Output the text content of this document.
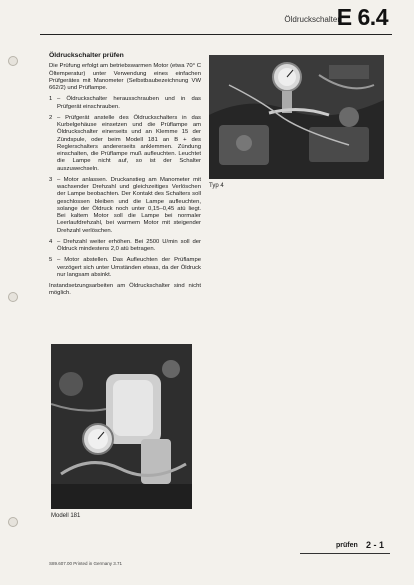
Öldruckschalter
E 6.4
Öldruckschalter prüfen

Die Prüfung erfolgt am betriebswarmen Motor (etwa 70° C Öltemperatur) unter Verwendung eines einfachen Prüfgerätes mit Manometer (Selbstbaubezeichnung VW 662/2) und Prüflampe.

1 – Öldruckschalter herausschrauben und in das Prüfgerät einschrauben.
2 – Prüfgerät anstelle des Öldruckschalters in das Kurbelgehäuse einsetzen und die Prüflampe am Öldruckschalter einerseits und an Klemme 15 der Zündspule, oder beim Modell 181 an B + des Reglerschalters andererseits anklemmen. Zündung einschalten, die Prüflampe muß aufleuchten. Leuchtet die Lampe nicht auf, so ist der Schalter auszuwechseln.
3 – Motor anlassen. Druckanstieg am Manometer mit wachsender Drehzahl und gleichzeitiges Verlöschen der Lampe beobachten. Der Kontakt des Schalters soll geschlossen bleiben und die Lampe aufleuchten, solange der Öldruck noch unter 0,15–0,45 atü liegt. Bei kaltem Motor soll die Lampe bei normaler Leerlaufdrehzahl, bei warmem Motor mit steigender Drehzahl verlöschen.
4 – Drehzahl weiter erhöhen. Bei 2500 U/min soll der Öldruck mindestens 2,0 atü betragen.
5 – Motor abstellen. Das Aufleuchten der Prüflampe verzögert sich unter Umständen etwas, da der Öldruck nur langsam absinkt.

Instandsetzungsarbeiten am Öldruckschalter sind nicht möglich.

Typ 4
Modell 181
prüfen 2 - 1
S89.607.00 Printed in Germany 3.71
